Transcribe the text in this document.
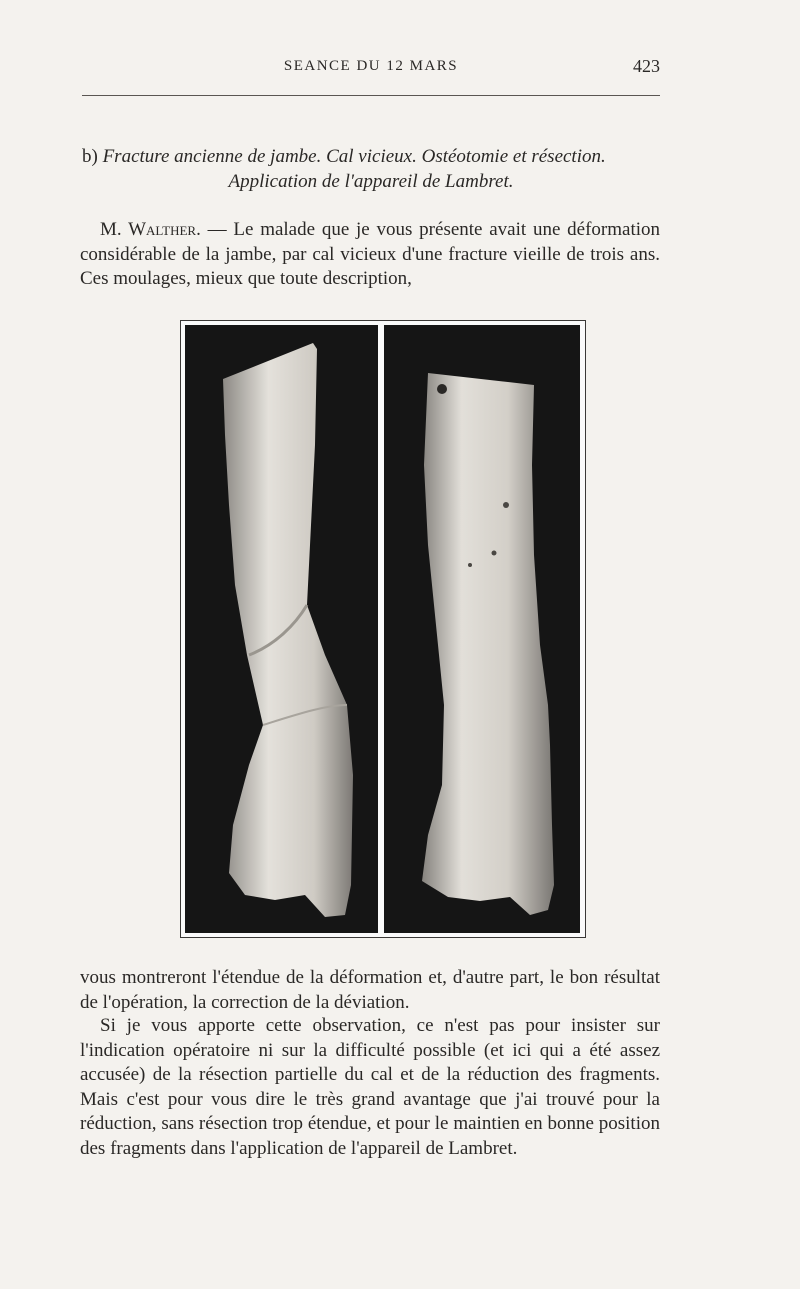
SEANCE DU 12 MARS	423
b) Fracture ancienne de jambe. Cal vicieux. Ostéotomie et résection.
Application de l'appareil de Lambret.
M. Walther. — Le malade que je vous présente avait une déformation considérable de la jambe, par cal vicieux d'une fracture vieille de trois ans. Ces moulages, mieux que toute description,
vous montreront l'étendue de la déformation et, d'autre part, le bon résultat de l'opération, la correction de la déviation.
Si je vous apporte cette observation, ce n'est pas pour insister sur l'indication opératoire ni sur la difficulté possible (et ici qui a été assez accusée) de la résection partielle du cal et de la réduction des fragments. Mais c'est pour vous dire le très grand avantage que j'ai trouvé pour la réduction, sans résection trop étendue, et pour le maintien en bonne position des fragments dans l'application de l'appareil de Lambret.
